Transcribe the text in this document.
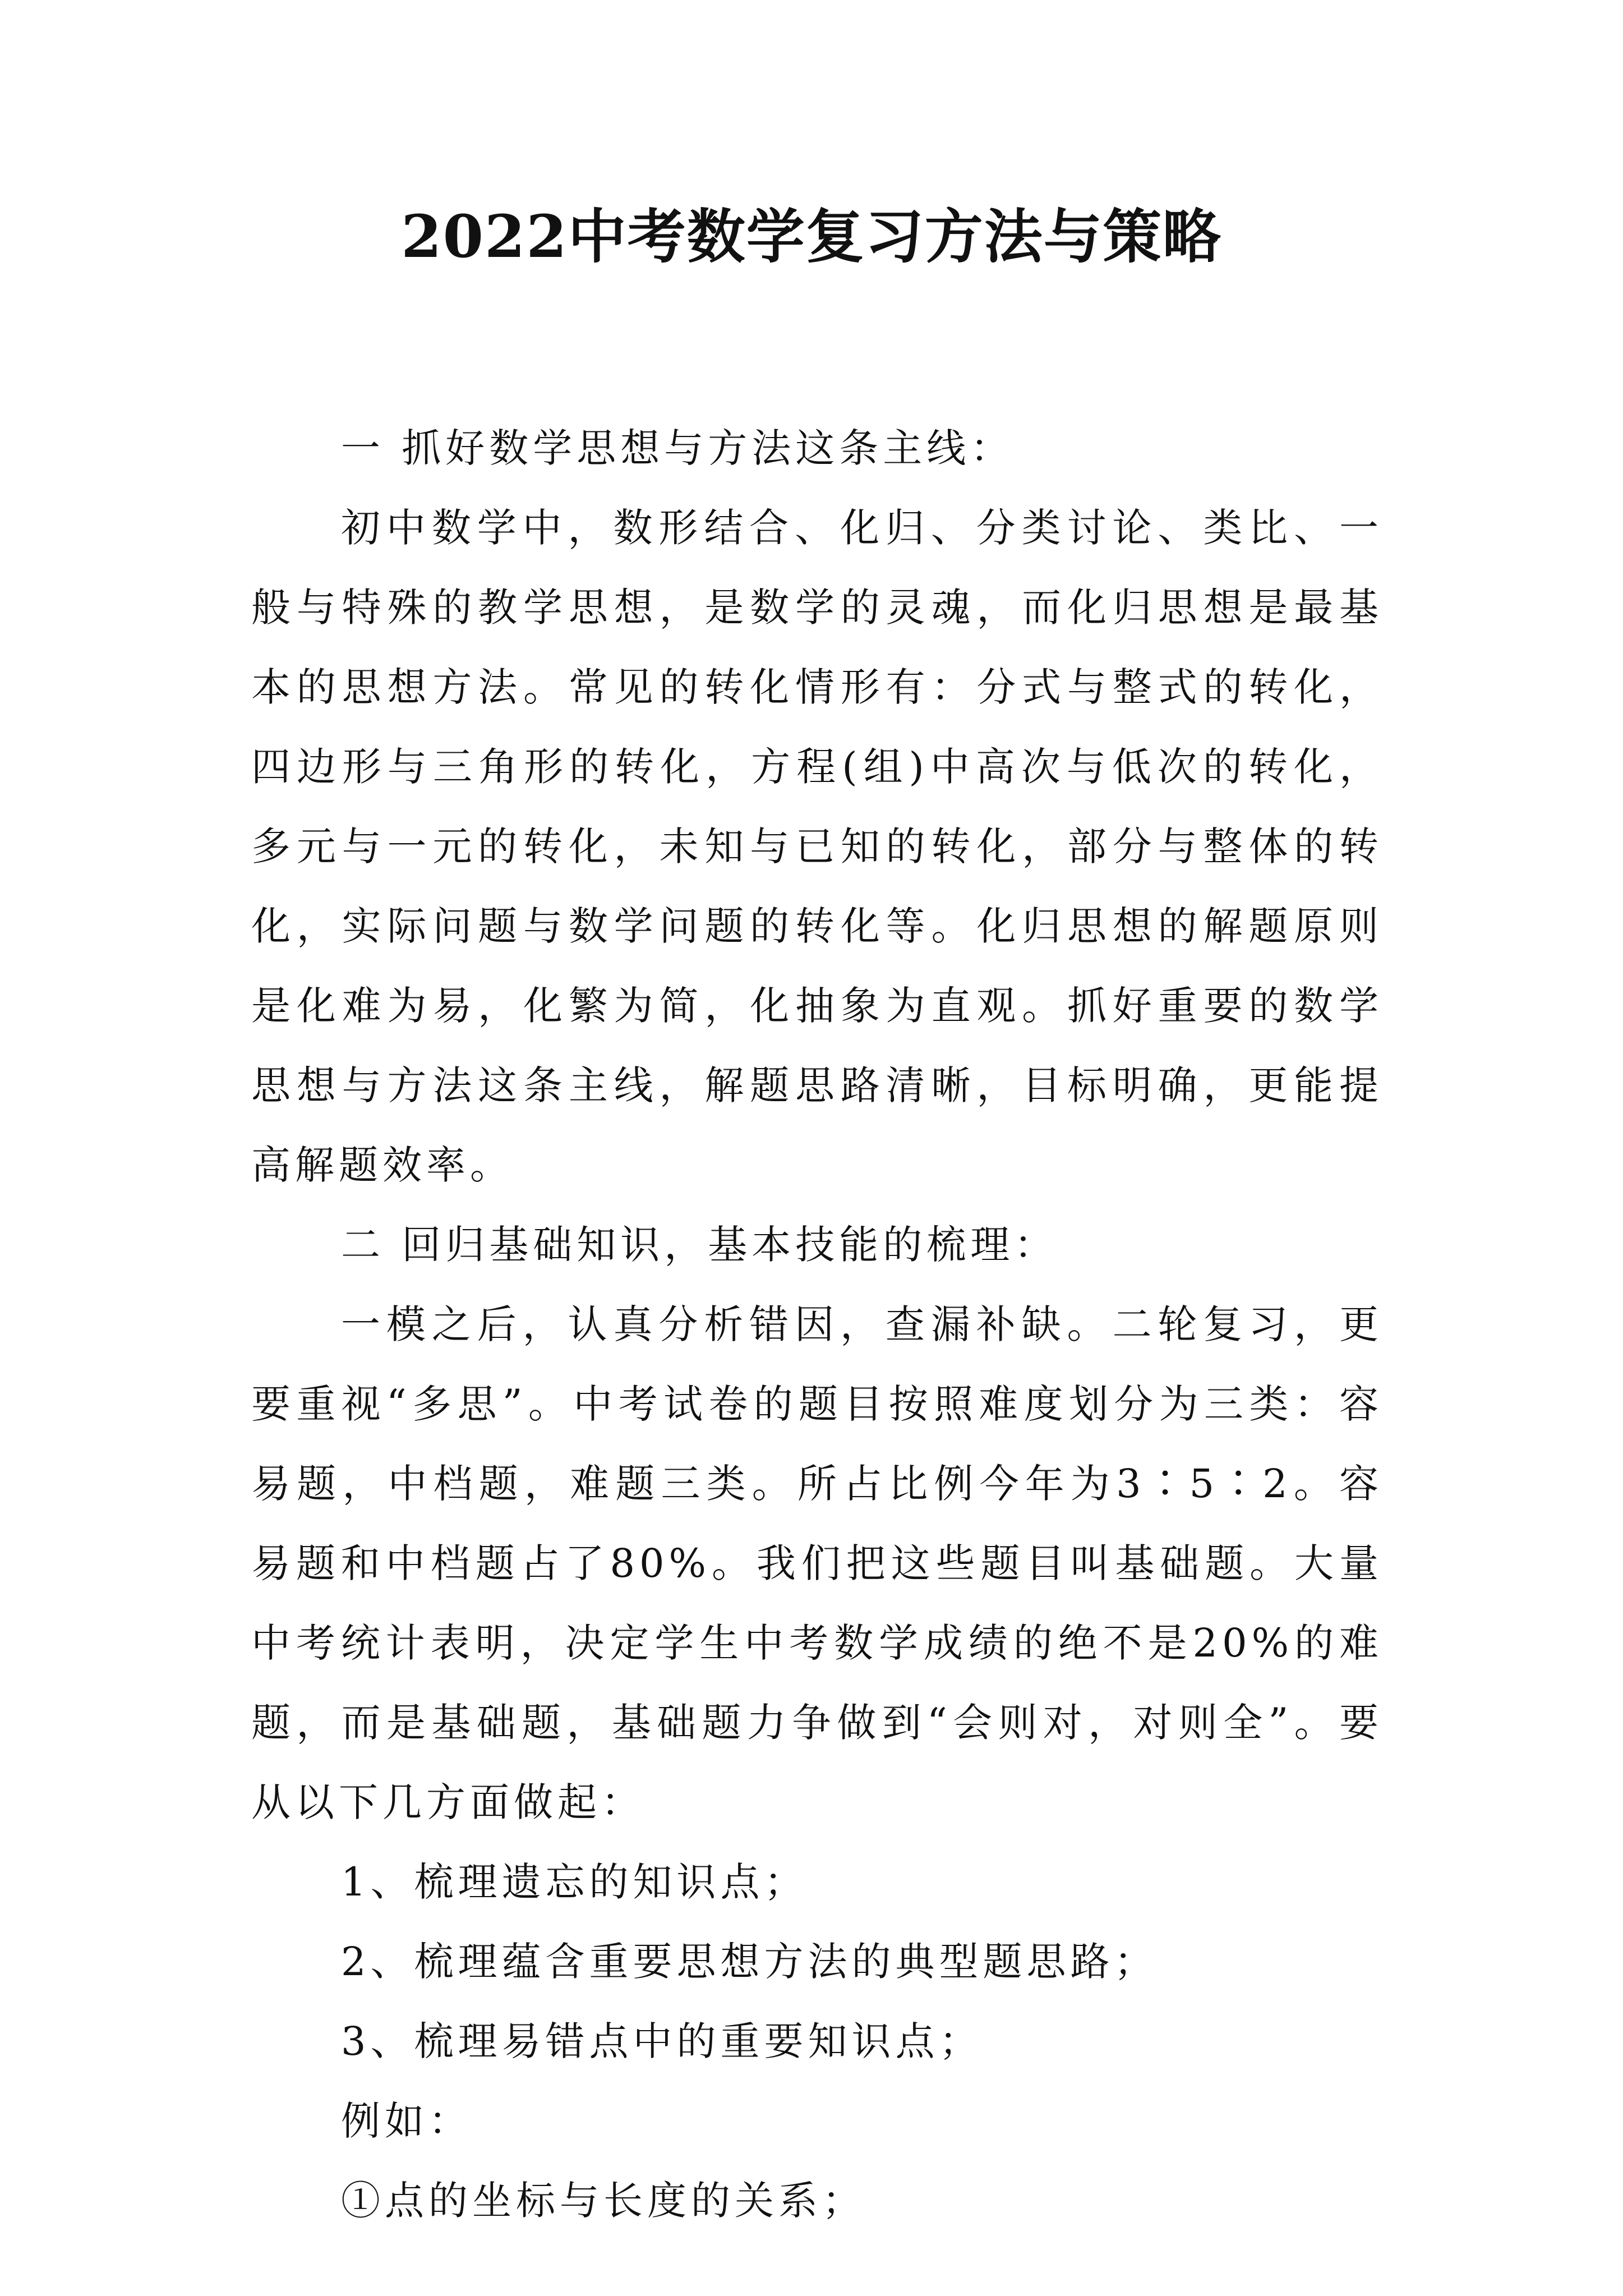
2022中考数学复习方法与策略

一 抓好数学思想与方法这条主线：

初中数学中，数形结合、化归、分类讨论、类比、一般与特殊的教学思想，是数学的灵魂，而化归思想是最基本的思想方法。常见的转化情形有：分式与整式的转化，四边形与三角形的转化，方程(组)中高次与低次的转化，多元与一元的转化，未知与已知的转化，部分与整体的转化，实际问题与数学问题的转化等。化归思想的解题原则是化难为易，化繁为简，化抽象为直观。抓好重要的数学思想与方法这条主线，解题思路清晰，目标明确，更能提高解题效率。

二 回归基础知识，基本技能的梳理：

一模之后，认真分析错因，查漏补缺。二轮复习，更要重视“多思”。中考试卷的题目按照难度划分为三类：容易题，中档题，难题三类。所占比例今年为3∶5∶2。容易题和中档题占了80%。我们把这些题目叫基础题。大量中考统计表明，决定学生中考数学成绩的绝不是20%的难题，而是基础题，基础题力争做到“会则对，对则全”。要从以下几方面做起：

1、梳理遗忘的知识点；

2、梳理蕴含重要思想方法的典型题思路；

3、梳理易错点中的重要知识点；

例如：

①点的坐标与长度的关系；
